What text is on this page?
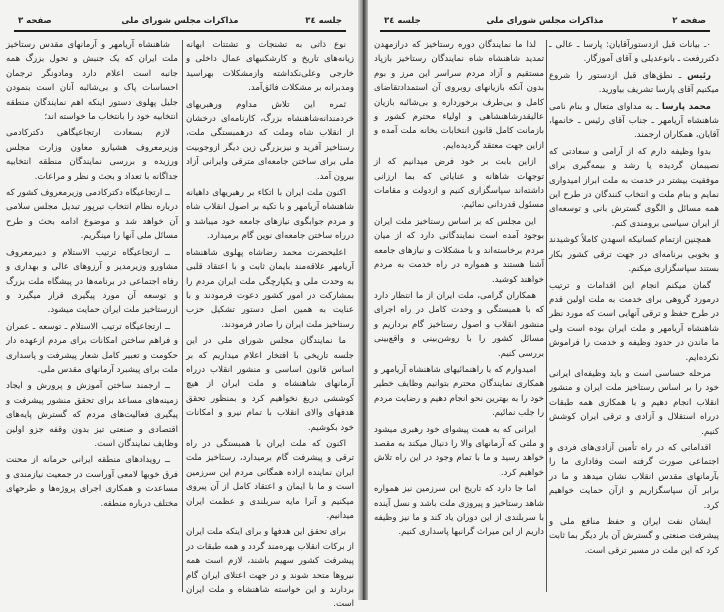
جلسه ۳٤
مذاکرات مجلس شورای ملی
صفحه ۳

نوع ذاتی به تشنجات و تشتتات ابهانه زیانه‌های تاریخ و کارشکنیهای عمال داخلی و خارجی وعلی‌نکداشته وازمشکلات بهراسید ومدبرانه بر مشکلات فائق‌آمد.

ثمره این تلاش مداوم ورهبریهای خردمندانه‌شاهنشاه بزرگ، کارنامه‌ای درخشان از انقلاب شاه وملت که درهمبستگی ملت، رستاخیز آفرید و نیزبزرگی زین دیگر ازوجوبیت ملی برای ساختن جامعه‌ای مترقی وایرانی آزاد بیرون آمد.

اکنون ملت ایران با اتکاء بر رهبریهای داهیانه شاهنشاه آریامهر و با تکیه بر اصول انقلاب شاه و مردم جوابگوی نیازهای جامعه خود میباشد و درراه ساختن جامعه‌ای نوین گام برمیدارد.

اعلیحضرت محمد رضاشاه پهلوی شاهنشاه آریامهر علاقه‌مند بایمان ثابت و با اعتقاد قلبی به وحدت ملی و یکپارچگی ملت ایران مردم را بمشارکت در امور کشور دعوت فرمودند و با عنایت به همین اصل دستور تشکیل حزب رستاخیز ملت ایران را صادر فرمودند.

ما نمایندگان مجلس شورای ملی در این جلسه تاریخی با افتخار اعلام میداریم که بر اساس قانون اساسی و منشور انقلاب درراه آرمانهای شاهنشاه و ملت ایران از هیچ کوششی دریغ نخواهیم کرد و بمنظور تحقق هدفهای والای انقلاب با تمام نیرو و امکانات خود بکوشیم.

اکنون که ملت ایران با همبستگی در راه ترقی و پیشرفت گام برمیدارد، رستاخیز ملت ایران نماینده اراده همگانی مردم این سرزمین است و ما با ایمان و اعتقاد کامل از آن پیروی میکنیم و آنرا مایه سربلندی و عظمت ایران میدانیم.

برای تحقق این هدفها و برای اینکه ملت ایران از برکات انقلاب بهره‌مند گردد و همه طبقات در پیشرفت کشور سهیم باشند، لازم است همه نیروها متحد شوند و در جهت اعتلای ایران گام بردارند و این خواسته شاهنشاه و ملت ایران است.

شاهنشاه آریامهر و آرمانهای مقدس رستاخیز ملت ایران که یک جنبش و تحول بزرگ همه جانبه است اعلام دارد ومادونگر ترجمان احساسات پاک و بی‌شائبه آنان است بنمودن جلیل پهلوی دستور اینکه اهم نمایندگان منطقه انتخابیه خود را بانتخاب ما خواسته اند؛

لازم بسعادت ارتجاعیگاهی دکترکادمی وزیرمعروف هشیارو معاون وزارت مجلس ورزیده و بررسی نمایندگان منطقه انتخابیه جداگانه با تعداد و بحث و نظر و مراعات.

ــ ارتجاعیگاه دکترکادمی وزیرمعروف کشور که درباره نظام انتخاب تیرپور تبدیل مجلس سلامی آن خواهد شد و موضوع ادامه بحث و طرح مسائل ملی آنها را مینگریم.

ــ ارتجاعیگاه ترتیب الاستلام و دبیرمعروف مشاورو وزیرمدیر و آرزوهای عالی و بهداری و رفاه اجتماعی در برنامه‌ها در پیشگاه ملت بزرگ و توسعه آن مورد پیگیری قرار میگیرد و ازرستاخیز ملت ایران حمایت میشود.

ــ ارتجاعیگاه ترتیب الاستلام ـ توسعه ـ عمران و فراهم ساختن امکانات برای مردم ازعهده دار حکومت و تعبیر کامل شعار پیشرفت و پاسداری ملت برای پیشبرد آرمانهای مقدس ملی.

ــ ارجمند ساختن آموزش و پرورش و ایجاد زمینه‌های مساعد برای تحقق منشور پیشرفت و پیگیری فعالیت‌های مردم که گسترش پایه‌های اقتصادی و صنعتی تیز بدون وقفه جزو اولین وظایف نمایندگان است.

ــ رویدادهای منطقه ایرانی حرمانه از محنت فرق خوبها لامعی آوراست در جمعیت نیازمندی و مساعدت و همکاری اجرای پروژه‌ها و طرحهای مختلف درباره منطقه.

صفحه ۲
مذاکرات مجلس شورای ملی
جلسه ۳٤

۰ـ بیانات قبل ازدستورآقایان: پارسا ـ عالی ـ دکتررفعت ـ بانوعدیلی و آقای آموزگار.

رئیس ـ نطق‌های قبل ازدستور را شروع میکنیم آقای پارسا تشریف بیاورید.

محمد پارسا ـ به مداوای متعال و بنام نامی شاهنشاه آریامهر ـ جناب آقای رئیس ـ خانمها، آقایان، همکاران ارجمند.

بدوا وظیفه دارم که از آرامی و سعادتی که نصیبمان گردیده یا رشد و بیمه‌گیری برای موفقیت بیشتر در خدمت به ملت ابراز امیدواری نمایم و بنام ملت و انتخاب کنندگان در طرح این همه مسائل و الگوی گسترش بانی و توسعه‌ای از ایران سیاسی برومندی کنم.

همچنین ازتمام کسانیکه اسهدن کاملاً کوشیدند و بخوبی برنامه‌ای در جهت ترقی کشور بکار بستند سپاسگزاری میکنم.

گمان میکنم انجام این اقدامات و ترتیب درمورد گروهی برای خدمت به ملت اولین قدم در طرح حفظ و ترقی آنهایی است که مورد نظر شاهنشاه آریامهر و ملت ایران بوده است ولی ما ماندن در حدود وظیفه و خدمت را فراموش نکرده‌ایم.

مرحله حساسی است و باید وظیفه‌ای ایرانی خود را بر اساس رستاخیز ملت ایران و منشور انقلاب انجام دهیم و با همکاری همه طبقات درراه استقلال و آزادی و ترقی ایران کوشش کنیم.

اقداماتی که در راه تأمین آزادی‌های فردی و اجتماعی صورت گرفته است وفاداری ما را بآرمانهای مقدس انقلاب نشان میدهد و ما در برابر آن سپاسگزاریم و ازآن حمایت خواهیم کرد.

ایشان نفت ایران و حفظ منافع ملی و پیشرفت صنعتی و گسترش آن بار دیگر بما ثابت کرد که این ملت در مسیر ترقی است.

لذا ما نمایندگان دوره رستاخیز که درازمهدن تمدید شاهنشاه شاه نمایندگان رستاخیز بازپاد مستقیم و آزاد مردم سراسر این مرز و بوم بدون آنکه بازیانهای روبروی آن استمدادتقاضای کامل و بی‌طرف برخورداره و بی‌شائبه بازیان عالیقدرشاهنشاهی و اولیاء محترم کشور و بازمانت کامل قانون انتخابات بخانه ملت آمده و ازاین جهت معتقد گردیده‌ایم.

ازاین بابت بر خود فرض میدانیم که از توجهات شاهانه و عنایاتی که بما ارزانی داشته‌اند سپاسگزاری کنیم و ازدولت و مقامات مسئول قدردانی نمائیم.

این مجلس که بر اساس رستاخیز ملت ایران بوجود آمده است نمایندگانی دارد که از میان مردم برخاسته‌اند و با مشکلات و نیازهای جامعه آشنا هستند و همواره در راه خدمت به مردم خواهند کوشید.

همکاران گرامی، ملت ایران از ما انتظار دارد که با همبستگی و وحدت کامل در راه اجرای منشور انقلاب و اصول رستاخیز گام برداریم و مسائل کشور را با روشن‌بینی و واقع‌بینی بررسی کنیم.

امیدوارم که با راهنمائیهای شاهنشاه آریامهر و همکاری نمایندگان محترم بتوانیم وظایف خطیر خود را به بهترین نحو انجام دهیم و رضایت مردم را جلب نمائیم.

ایرانی که به همت پیشوای خود رهبری میشود و ملتی که آرمانهای والا را دنبال میکند به مقصد خواهد رسید و ما با تمام وجود در این راه تلاش خواهیم کرد.

اما جا دارد که تاریخ این سرزمین نیز همواره شاهد رستاخیز و پیروزی ملت باشد و نسل آینده با سربلندی از این دوران یاد کند و ما نیز وظیفه داریم از این میراث گرانبها پاسداری کنیم.
